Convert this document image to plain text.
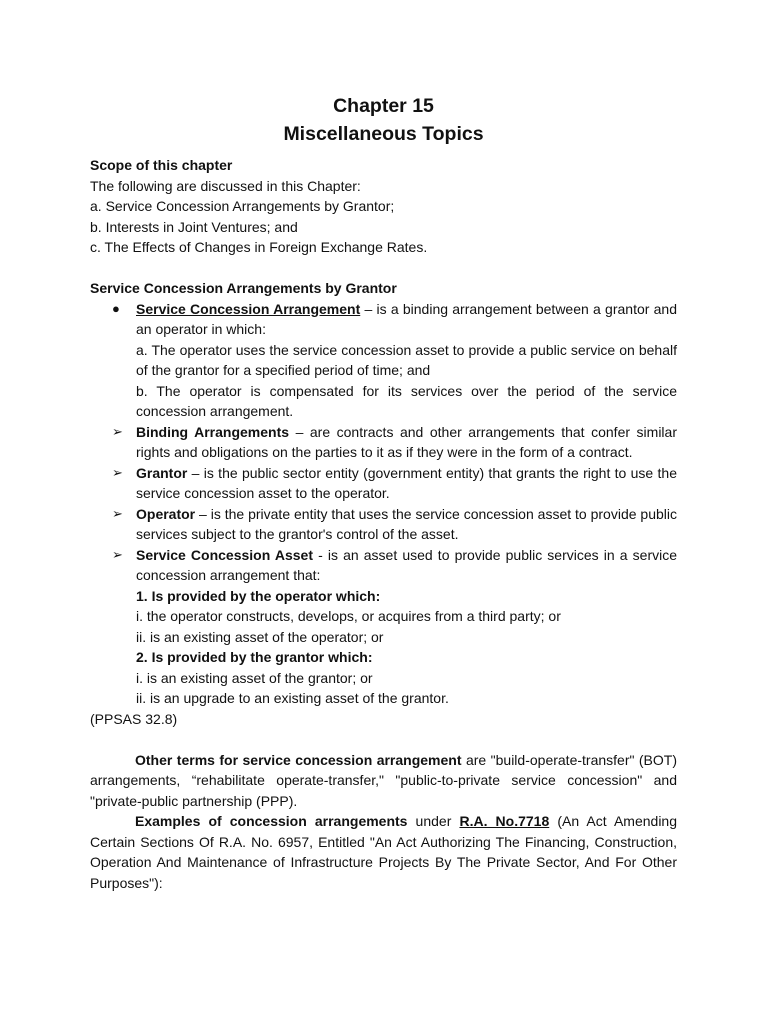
Chapter 15

Miscellaneous Topics

Scope of this chapter

The following are discussed in this Chapter:

a. Service Concession Arrangements by Grantor;

b. Interests in Joint Ventures; and

c. The Effects of Changes in Foreign Exchange Rates.

Service Concession Arrangements by Grantor

●	Service Concession Arrangement – is a binding arrangement between a grantor and an operator in which:

a. The operator uses the service concession asset to provide a public service on behalf of the grantor for a specified period of time; and

b. The operator is compensated for its services over the period of the service concession arrangement.

➢ Binding Arrangements – are contracts and other arrangements that confer similar rights and obligations on the parties to it as if they were in the form of a contract.

➢ Grantor – is the public sector entity (government entity) that grants the right to use the service concession asset to the operator.

➢ Operator – is the private entity that uses the service concession asset to provide public services subject to the grantor's control of the asset.

➢ Service Concession Asset - is an asset used to provide public services in a service concession arrangement that:

1. Is provided by the operator which:

i. the operator constructs, develops, or acquires from a third party; or

ii. is an existing asset of the operator; or

2. Is provided by the grantor which:

i. is an existing asset of the grantor; or

ii. is an upgrade to an existing asset of the grantor.

(PPSAS 32.8)

Other terms for service concession arrangement are "build-operate-transfer" (BOT) arrangements, “rehabilitate operate-transfer," "public-to-private service concession" and "private-public partnership (PPP).

Examples of concession arrangements under R.A. No.7718 (An Act Amending Certain Sections Of R.A. No. 6957, Entitled "An Act Authorizing The Financing, Construction, Operation And Maintenance of Infrastructure Projects By The Private Sector, And For Other Purposes"):
